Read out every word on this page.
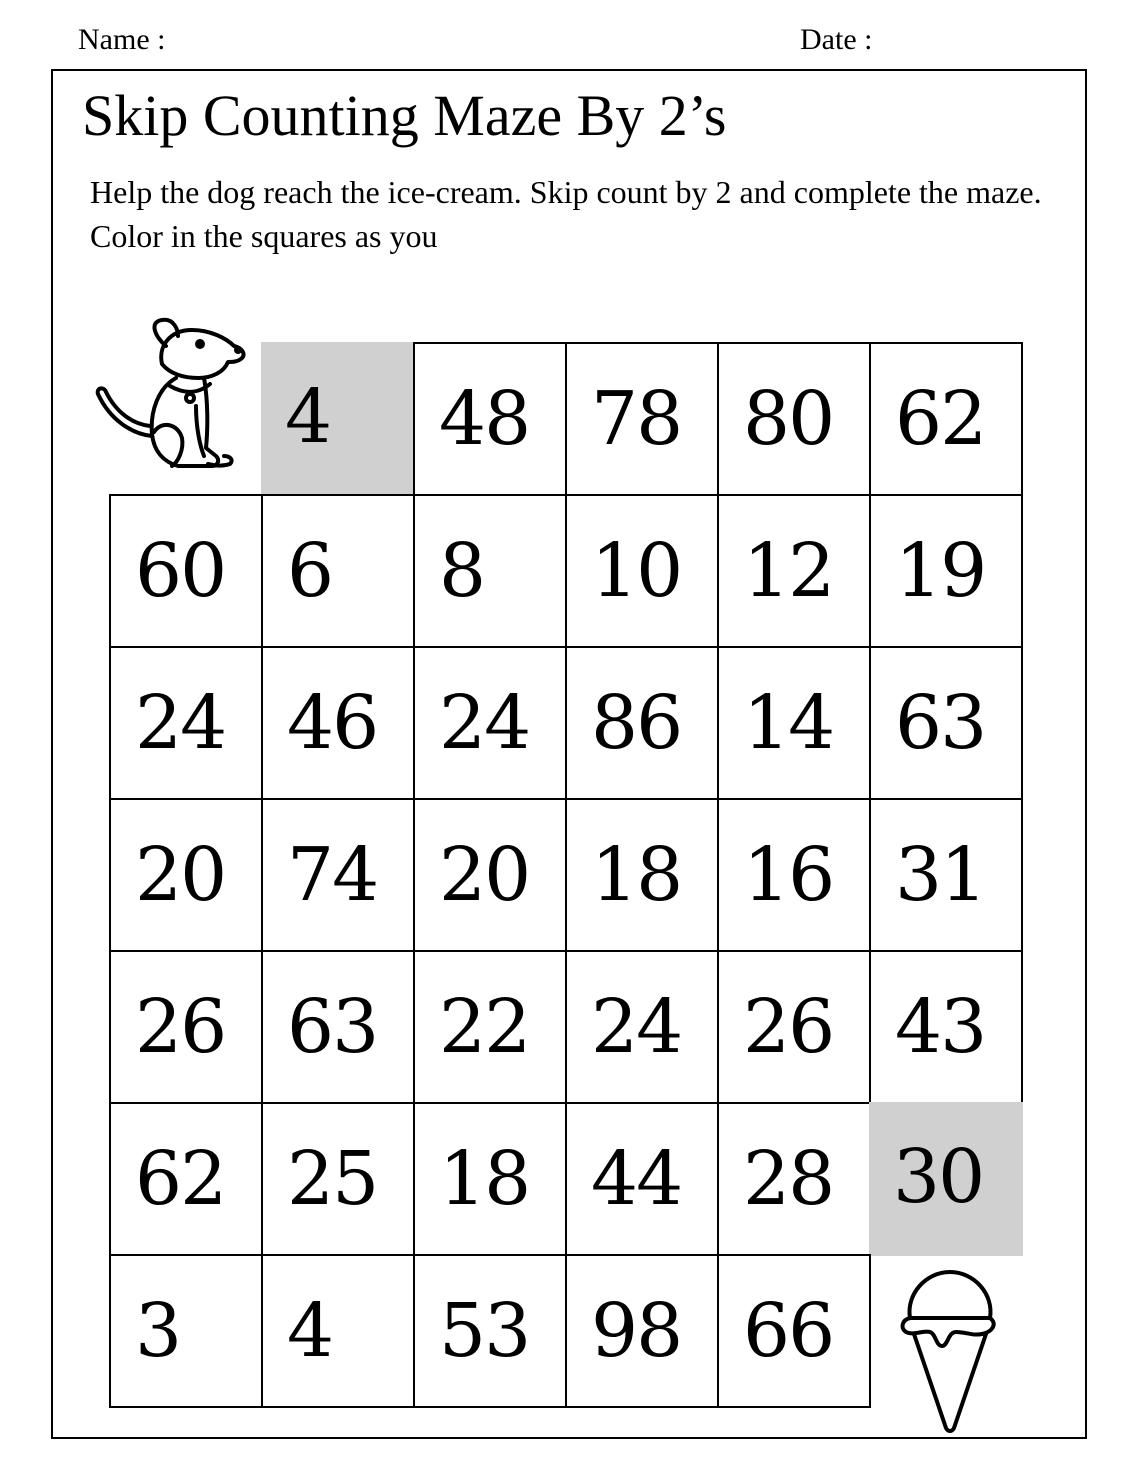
Name :	Date :
Skip Counting Maze By 2’s
Help the dog reach the ice-cream. Skip count by 2 and complete the maze. Color in the squares as you
4 48 78 80 62
60 6 8 10 12 19
24 46 24 86 14 63
20 74 20 18 16 31
26 63 22 24 26 43
62 25 18 44 28 30
3 4 53 98 66
